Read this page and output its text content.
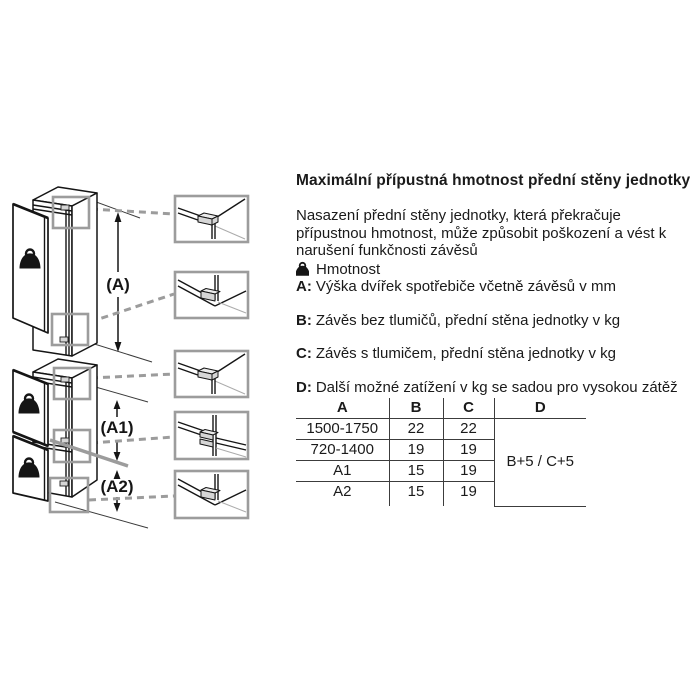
(A)
(A1)
(A2)
Maximální přípustná hmotnost přední stěny jednotky

Nasazení přední stěny jednotky, která překračuje přípustnou hmotnost, může způsobit poškození a vést k narušení funkčnosti závěsů

Hmotnost
A: Výška dvířek spotřebiče včetně závěsů v mm
B: Závěs bez tlumičů, přední stěna jednotky v kg
C: Závěs s tlumičem, přední stěna jednotky v kg
D: Další možné zatížení v kg se sadou pro vysokou zátěž
A	B	C	D
1500-1750	22	22	B+5 / C+5
720-1400	19	19	
A1	15	19	
A2	15	19	
